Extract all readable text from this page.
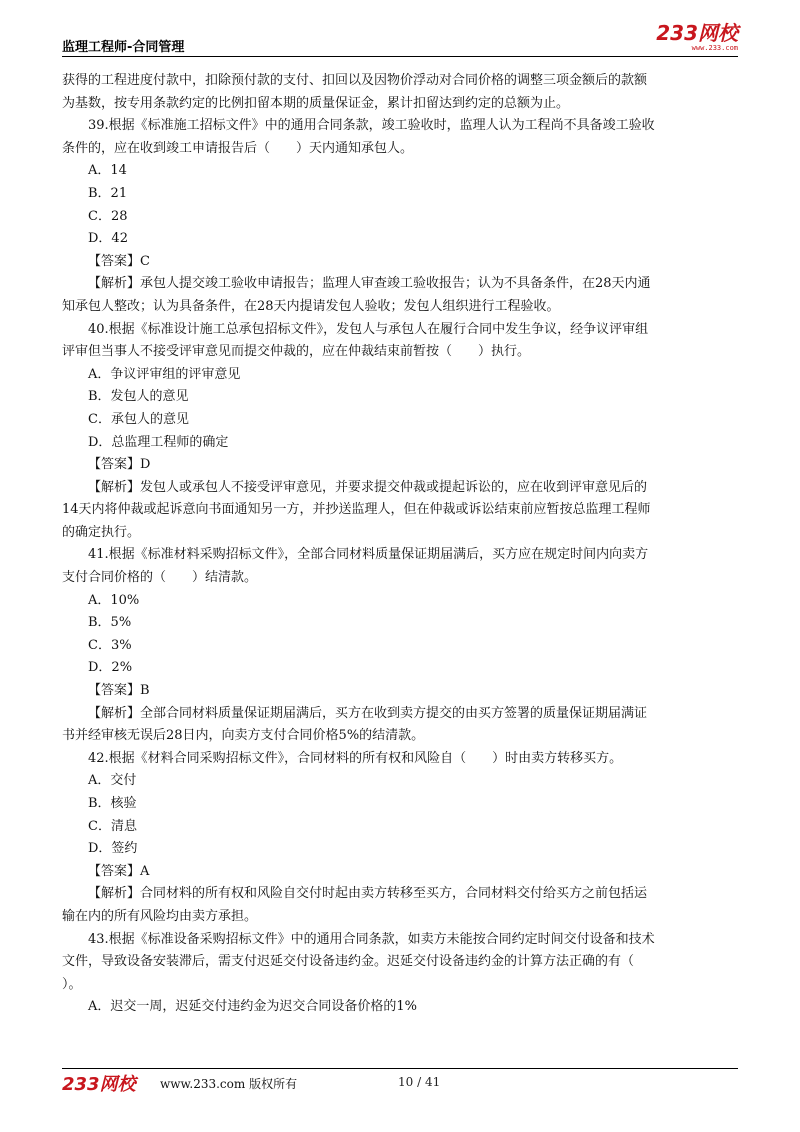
监理工程师-合同管理
233网校
www.233.com
获得的工程进度付款中，扣除预付款的支付、扣回以及因物价浮动对合同价格的调整三项金额后的款额
为基数，按专用条款约定的比例扣留本期的质量保证金，累计扣留达到约定的总额为止。
39.根据《标准施工招标文件》中的通用合同条款，竣工验收时，监理人认为工程尚不具备竣工验收
条件的，应在收到竣工申请报告后（　　）天内通知承包人。
A．14
B．21
C．28
D．42
【答案】C
【解析】承包人提交竣工验收申请报告；监理人审查竣工验收报告；认为不具备条件，在28天内通
知承包人整改；认为具备条件，在28天内提请发包人验收；发包人组织进行工程验收。
40.根据《标准设计施工总承包招标文件》，发包人与承包人在履行合同中发生争议，经争议评审组
评审但当事人不接受评审意见而提交仲裁的，应在仲裁结束前暂按（　　）执行。
A．争议评审组的评审意见
B．发包人的意见
C．承包人的意见
D．总监理工程师的确定
【答案】D
【解析】发包人或承包人不接受评审意见，并要求提交仲裁或提起诉讼的，应在收到评审意见后的
14天内将仲裁或起诉意向书面通知另一方，并抄送监理人，但在仲裁或诉讼结束前应暂按总监理工程师
的确定执行。
41.根据《标准材料采购招标文件》，全部合同材料质量保证期届满后，买方应在规定时间内向卖方
支付合同价格的（　　）结清款。
A．10%
B．5%
C．3%
D．2%
【答案】B
【解析】全部合同材料质量保证期届满后，买方在收到卖方提交的由买方签署的质量保证期届满证
书并经审核无误后28日内，向卖方支付合同价格5%的结清款。
42.根据《材料合同采购招标文件》，合同材料的所有权和风险自（　　）时由卖方转移买方。
A．交付
B．核验
C．清息
D．签约
【答案】A
【解析】合同材料的所有权和风险自交付时起由卖方转移至买方，合同材料交付给买方之前包括运
输在内的所有风险均由卖方承担。
43.根据《标准设备采购招标文件》中的通用合同条款，如卖方未能按合同约定时间交付设备和技术
文件，导致设备安装滞后，需支付迟延交付设备违约金。迟延交付设备违约金的计算方法正确的有（
）。
A．迟交一周，迟延交付违约金为迟交合同设备价格的1%
233网校 www.233.com 版权所有	10 / 41
